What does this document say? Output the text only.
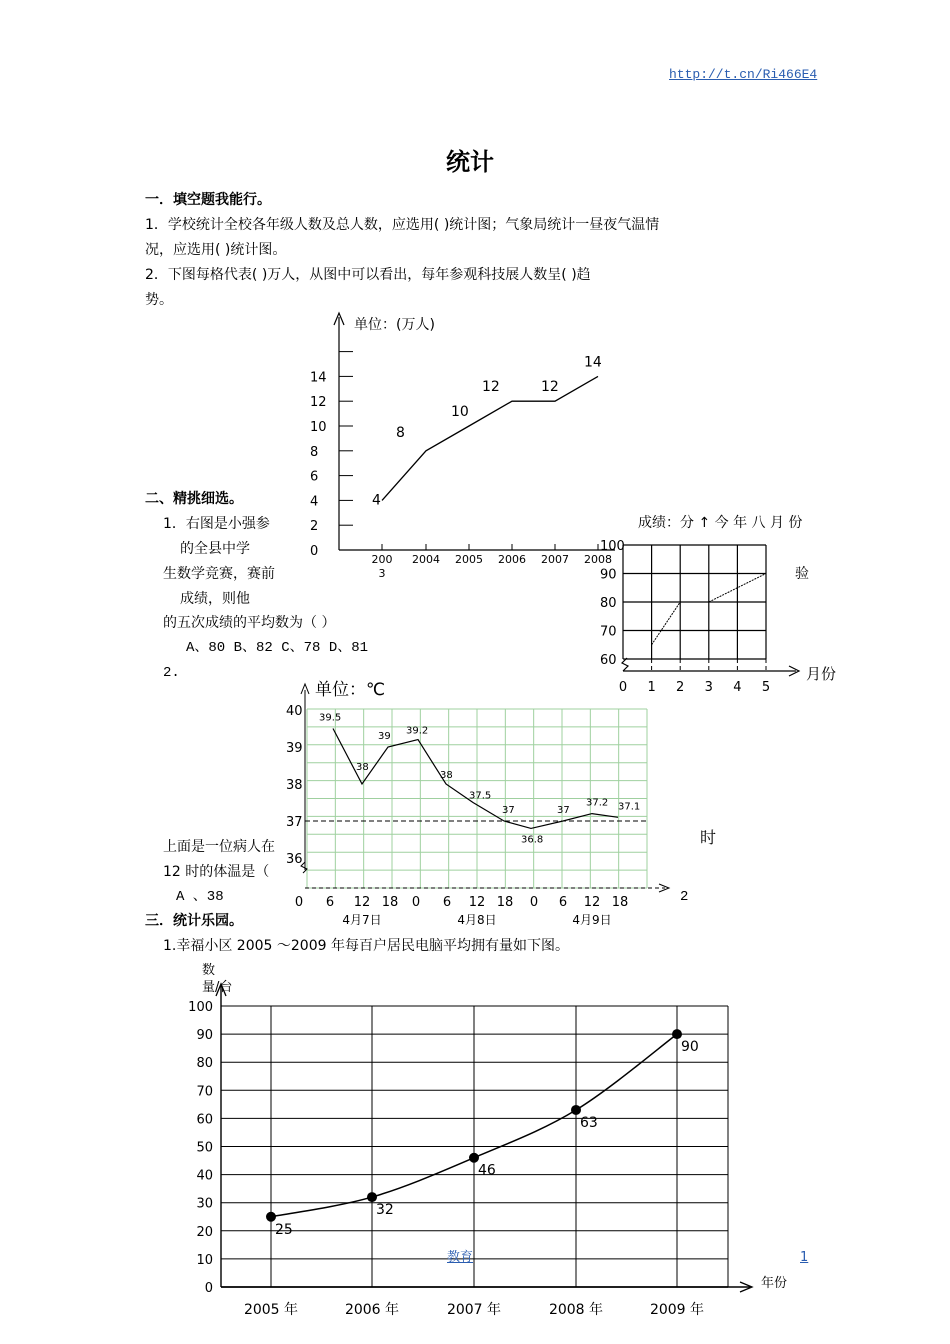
http://t.cn/Ri466E4
统计
一．填空题我能行。
1．学校统计全校各年级人数及总人数，应选用( )统计图；气象局统计一昼夜气温情
况，应选用( )统计图。
2．下图每格代表( )万人，从图中可以看出，每年参观科技展人数呈( )趋
势。
二、精挑细选。
1．右图是小强参
的全县中学
生数学竞赛，赛前	验
成绩，则他
的五次成绩的平均数为（ ）
A、80 B、82 C、78 D、81
2.
上面是一位病人在	时
12 时的体温是（
A 、38	2
三．统计乐园。
1.幸福小区 2005 ～2009 年每百户居民电脑平均拥有量如下图。
单位：(万人)
0
2
4
6
8
10
12
14
200 3
2004 2005 2006 2007 2008
4
8
10
12	12
14
成绩：分 ↑ 今 年 八 月 份
60
70
80
90
100
0 1 2 3 4 5
月份
单位：℃
36
37
38
39
40
0 6 12 18 0 6 12 18 0 6 12 18
4月7日	4月8日	4月9日
39.5
38
39 39.2
38
37.5
37
36.8
37
37.2 37.1
数
量/台
年份
0
10
20
30
40
50
60
70
80
90
100
2005 年	2006 年	2007 年	2008 年	2009 年
25
32
46
63
90
教育	1
